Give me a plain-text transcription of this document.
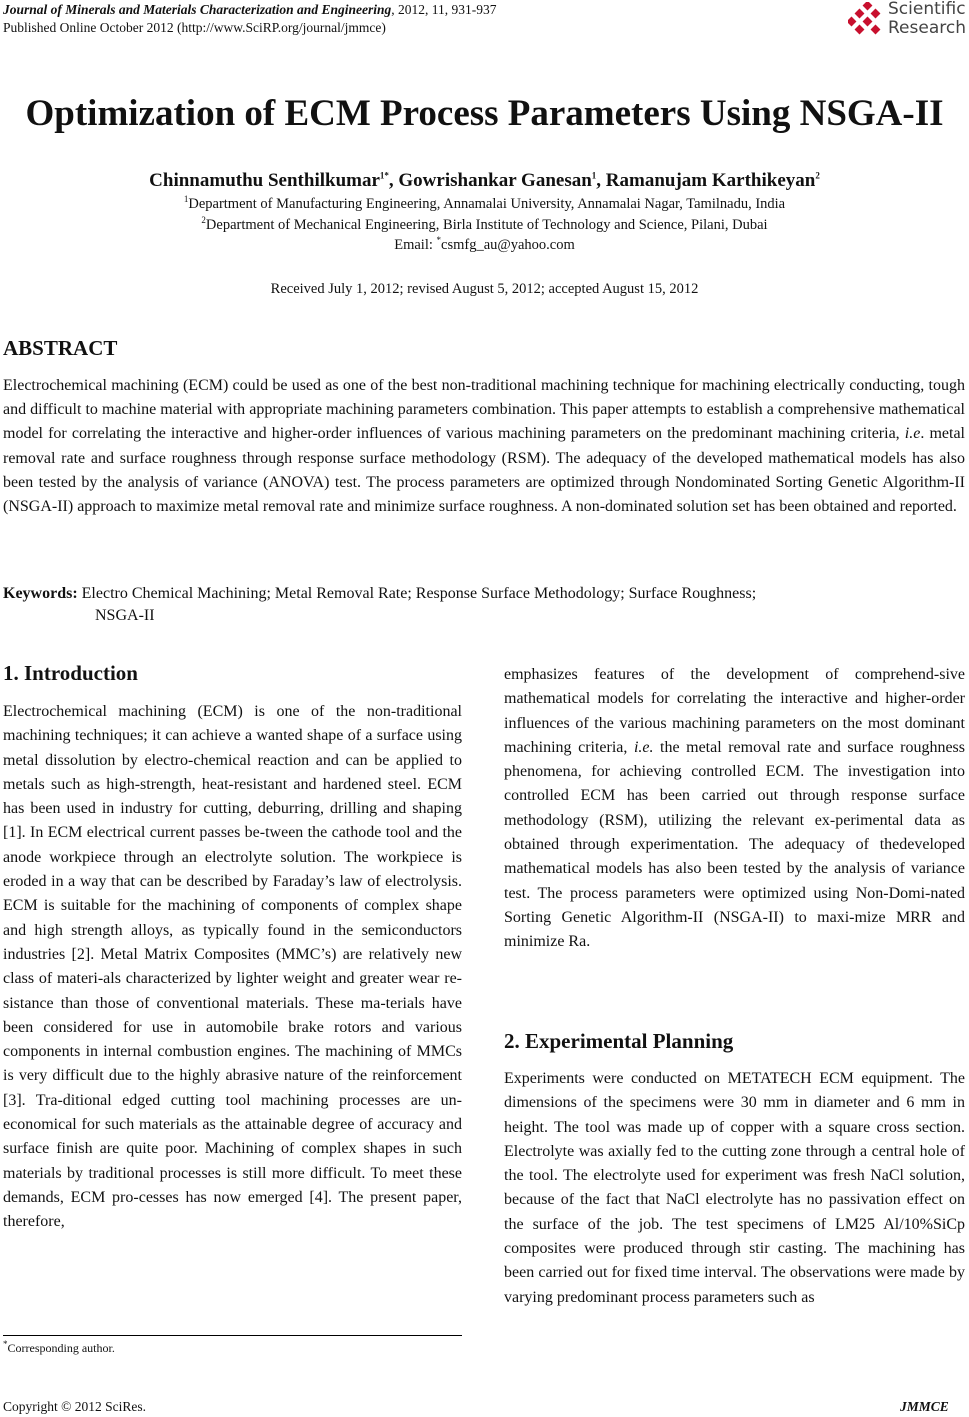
Journal of Minerals and Materials Characterization and Engineering, 2012, 11, 931-937
Published Online October 2012 (http://www.SciRP.org/journal/jmmce)
Scientific
Research
Optimization of ECM Process Parameters Using NSGA-II
Chinnamuthu Senthilkumar$^{1*}$, Gowrishankar Ganesan$^1$, Ramanujam Karthikeyan$^2$
$^1$Department of Manufacturing Engineering, Annamalai University, Annamalai Nagar, Tamilnadu, India
$^2$Department of Mechanical Engineering, Birla Institute of Technology and Science, Pilani, Dubai
Email: *csmfg_au@yahoo.com
Received July 1, 2012; revised August 5, 2012; accepted August 15, 2012
ABSTRACT
Electrochemical machining (ECM) could be used as one of the best non-traditional machining technique for machining electrically conducting, tough and difficult to machine material with appropriate machining parameters combination. This paper attempts to establish a comprehensive mathematical model for correlating the interactive and higher-order influences of various machining parameters on the predominant machining criteria, i.e. metal removal rate and surface roughness through response surface methodology (RSM). The adequacy of the developed mathematical models has also been tested by the analysis of variance (ANOVA) test. The process parameters are optimized through Nondominated Sorting Genetic Algorithm-II (NSGA-II) approach to maximize metal removal rate and minimize surface roughness. A non-dominated solution set has been obtained and reported.
Keywords: Electro Chemical Machining; Metal Removal Rate; Response Surface Methodology; Surface Roughness;
NSGA-II
1. Introduction
Electrochemical machining (ECM) is one of the non-traditional machining techniques; it can achieve a wanted shape of a surface using metal dissolution by electro-chemical reaction and can be applied to metals such as high-strength, heat-resistant and hardened steel. ECM has been used in industry for cutting, deburring, drilling and shaping [1]. In ECM electrical current passes be-tween the cathode tool and the anode workpiece through an electrolyte solution. The workpiece is eroded in a way that can be described by Faraday’s law of electrolysis. ECM is suitable for the machining of components of complex shape and high strength alloys, as typically found in the semiconductors industries [2]. Metal Matrix Composites (MMC’s) are relatively new class of materi-als characterized by lighter weight and greater wear re-sistance than those of conventional materials. These ma-terials have been considered for use in automobile brake rotors and various components in internal combustion engines. The machining of MMCs is very difficult due to the highly abrasive nature of the reinforcement [3]. Tra-ditional edged cutting tool machining processes are un-economical for such materials as the attainable degree of accuracy and surface finish are quite poor. Machining of complex shapes in such materials by traditional processes is still more difficult. To meet these demands, ECM pro-cesses has now emerged [4]. The present paper, therefore,
emphasizes features of the development of comprehend-sive mathematical models for correlating the interactive and higher-order influences of the various machining parameters on the most dominant machining criteria, i.e. the metal removal rate and surface roughness phenomena, for achieving controlled ECM. The investigation into controlled ECM has been carried out through response surface methodology (RSM), utilizing the relevant ex-perimental data as obtained through experimentation. The adequacy of thedeveloped mathematical models has also been tested by the analysis of variance test. The process parameters were optimized using Non-Domi-nated Sorting Genetic Algorithm-II (NSGA-II) to maxi-mize MRR and minimize Ra.
2. Experimental Planning
Experiments were conducted on METATECH ECM equipment. The dimensions of the specimens were 30 mm in diameter and 6 mm in height. The tool was made up of copper with a square cross section. Electrolyte was axially fed to the cutting zone through a central hole of the tool. The electrolyte used for experiment was fresh NaCl solution, because of the fact that NaCl electrolyte has no passivation effect on the surface of the job. The test specimens of LM25 Al/10%SiCp composites were produced through stir casting. The machining has been carried out for fixed time interval. The observations were made by varying predominant process parameters such as
*Corresponding author.
Copyright © 2012 SciRes.	JMMCE
